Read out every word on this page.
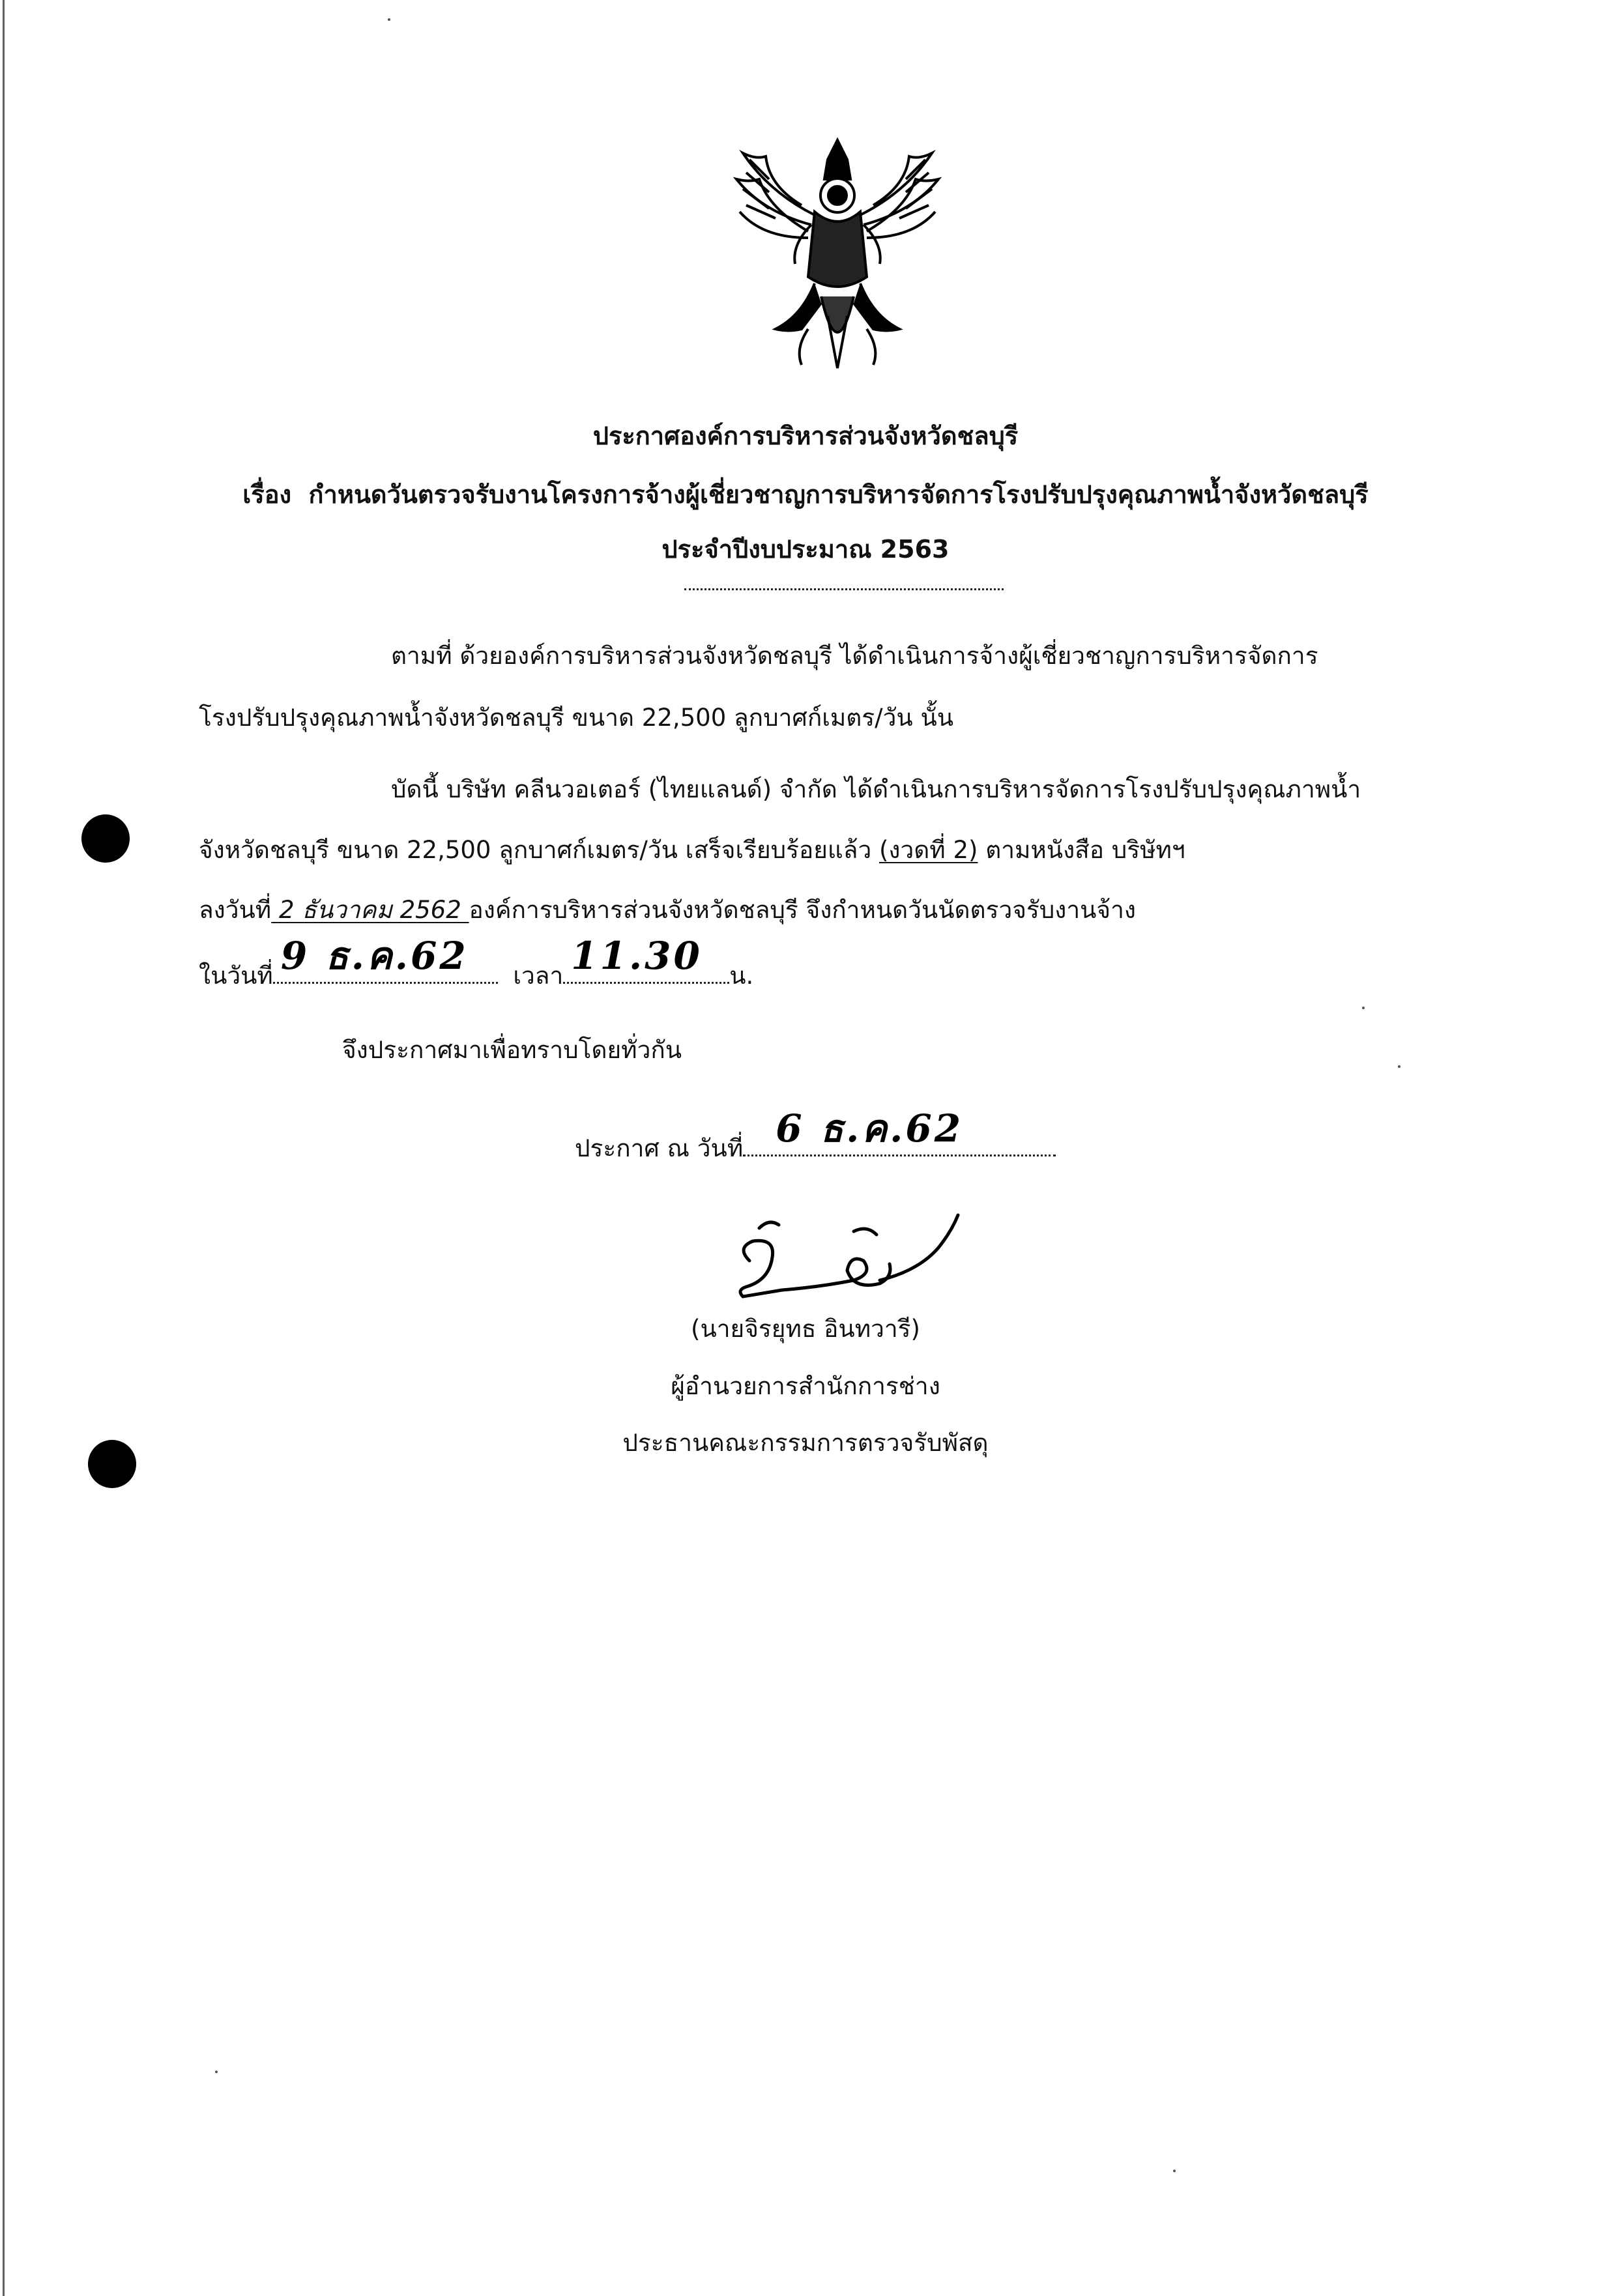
ประกาศองค์การบริหารส่วนจังหวัดชลบุรี
เรื่อง กำหนดวันตรวจรับงานโครงการจ้างผู้เชี่ยวชาญการบริหารจัดการโรงปรับปรุงคุณภาพน้ำจังหวัดชลบุรี
ประจำปีงบประมาณ 2563
ตามที่ ด้วยองค์การบริหารส่วนจังหวัดชลบุรี ได้ดำเนินการจ้างผู้เชี่ยวชาญการบริหารจัดการ
โรงปรับปรุงคุณภาพน้ำจังหวัดชลบุรี ขนาด 22,500 ลูกบาศก์เมตร/วัน นั้น
บัดนี้ บริษัท คลีนวอเตอร์ (ไทยแลนด์) จำกัด ได้ดำเนินการบริหารจัดการโรงปรับปรุงคุณภาพน้ำ
จังหวัดชลบุรี ขนาด 22,500 ลูกบาศก์เมตร/วัน เสร็จเรียบร้อยแล้ว (งวดที่ 2) ตามหนังสือ บริษัทฯ
ลงวันที่ 2 ธันวาคม 2562 องค์การบริหารส่วนจังหวัดชลบุรี จึงกำหนดวันนัดตรวจรับงานจ้าง
ในวันที่ 9 ธ.ค.62 เวลา 11.30 น.
จึงประกาศมาเพื่อทราบโดยทั่วกัน
ประกาศ ณ วันที่ 6 ธ.ค.62
(นายจิรยุทธ อินทวารี)
ผู้อำนวยการสำนักการช่าง
ประธานคณะกรรมการตรวจรับพัสดุ
